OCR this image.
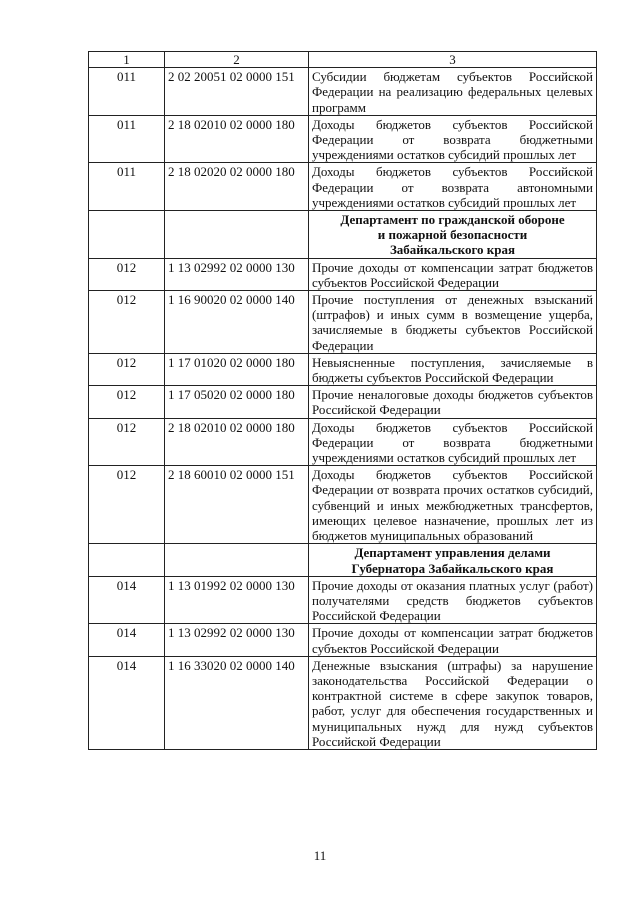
1	2	3
011	2 02 20051 02 0000 151	Субсидии бюджетам субъектов Российской Федерации на реализацию федеральных целевых программ
011	2 18 02010 02 0000 180	Доходы бюджетов субъектов Российской Федерации от возврата бюджетными учреждениями остатков субсидий прошлых лет
011	2 18 02020 02 0000 180	Доходы бюджетов субъектов Российской Федерации от возврата автономными учреждениями остатков субсидий прошлых лет

		Департамент по гражданской обороне
и пожарной безопасности
Забайкальского края

012	1 13 02992 02 0000 130	Прочие доходы от компенсации затрат бюджетов субъектов Российской Федерации
012	1 16 90020 02 0000 140	Прочие поступления от денежных взысканий (штрафов) и иных сумм в возмещение ущерба, зачисляемые в бюджеты субъектов Российской Федерации
012	1 17 01020 02 0000 180	Невыясненные поступления, зачисляемые в бюджеты субъектов Российской Федерации
012	1 17 05020 02 0000 180	Прочие неналоговые доходы бюджетов субъектов Российской Федерации
012	2 18 02010 02 0000 180	Доходы бюджетов субъектов Российской Федерации от возврата бюджетными учреждениями остатков субсидий прошлых лет
012	2 18 60010 02 0000 151	Доходы бюджетов субъектов Российской Федерации от возврата прочих остатков субсидий, субвенций и иных межбюджетных трансфертов, имеющих целевое назначение, прошлых лет из бюджетов муниципальных образований

		Департамент управления делами
Губернатора Забайкальского края

014	1 13 01992 02 0000 130	Прочие доходы от оказания платных услуг (работ) получателями средств бюджетов субъектов Российской Федерации
014	1 13 02992 02 0000 130	Прочие доходы от компенсации затрат бюджетов субъектов Российской Федерации
014	1 16 33020 02 0000 140	Денежные взыскания (штрафы) за нарушение законодательства Российской Федерации о контрактной системе в сфере закупок товаров, работ, услуг для обеспечения государственных и муниципальных нужд для нужд субъектов Российской Федерации
11
